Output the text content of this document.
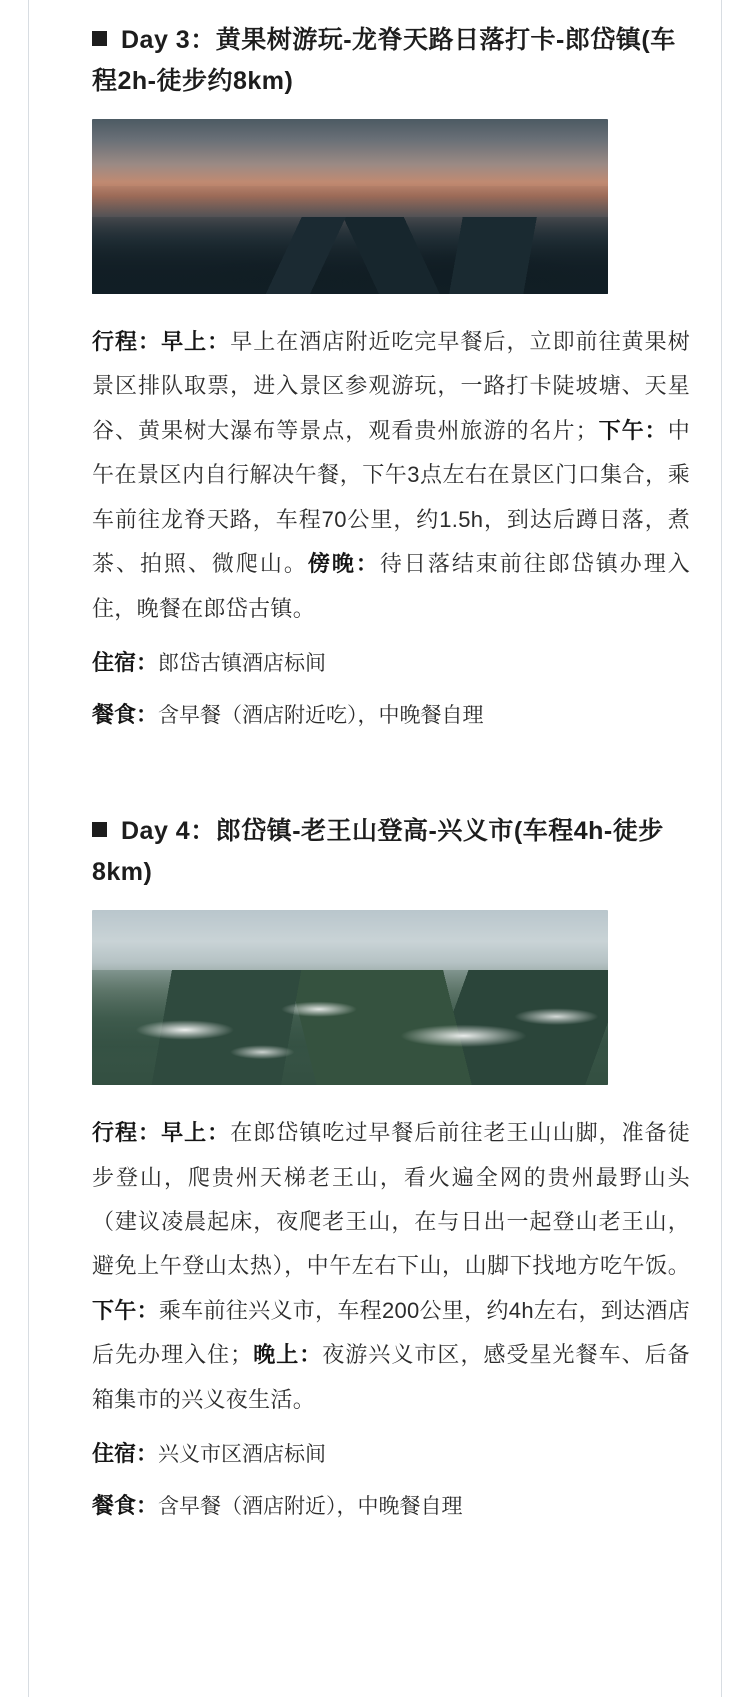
Day 3：黄果树游玩-龙脊天路日落打卡-郎岱镇(车程2h-徒步约8km)

行程：早上：早上在酒店附近吃完早餐后，立即前往黄果树景区排队取票，进入景区参观游玩，一路打卡陡坡塘、天星谷、黄果树大瀑布等景点，观看贵州旅游的名片；下午：中午在景区内自行解决午餐，下午3点左右在景区门口集合，乘车前往龙脊天路，车程70公里，约1.5h，到达后蹲日落，煮茶、拍照、微爬山。傍晚：待日落结束前往郎岱镇办理入住，晚餐在郎岱古镇。

住宿：郎岱古镇酒店标间

餐食：含早餐（酒店附近吃），中晚餐自理

Day 4：郎岱镇-老王山登高-兴义市(车程4h-徒步8km)

行程：早上：在郎岱镇吃过早餐后前往老王山山脚，准备徒步登山，爬贵州天梯老王山，看火遍全网的贵州最野山头（建议凌晨起床，夜爬老王山，在与日出一起登山老王山，避免上午登山太热），中午左右下山，山脚下找地方吃午饭。下午：乘车前往兴义市，车程200公里，约4h左右，到达酒店后先办理入住；晚上：夜游兴义市区，感受星光餐车、后备箱集市的兴义夜生活。

住宿：兴义市区酒店标间

餐食：含早餐（酒店附近），中晚餐自理
